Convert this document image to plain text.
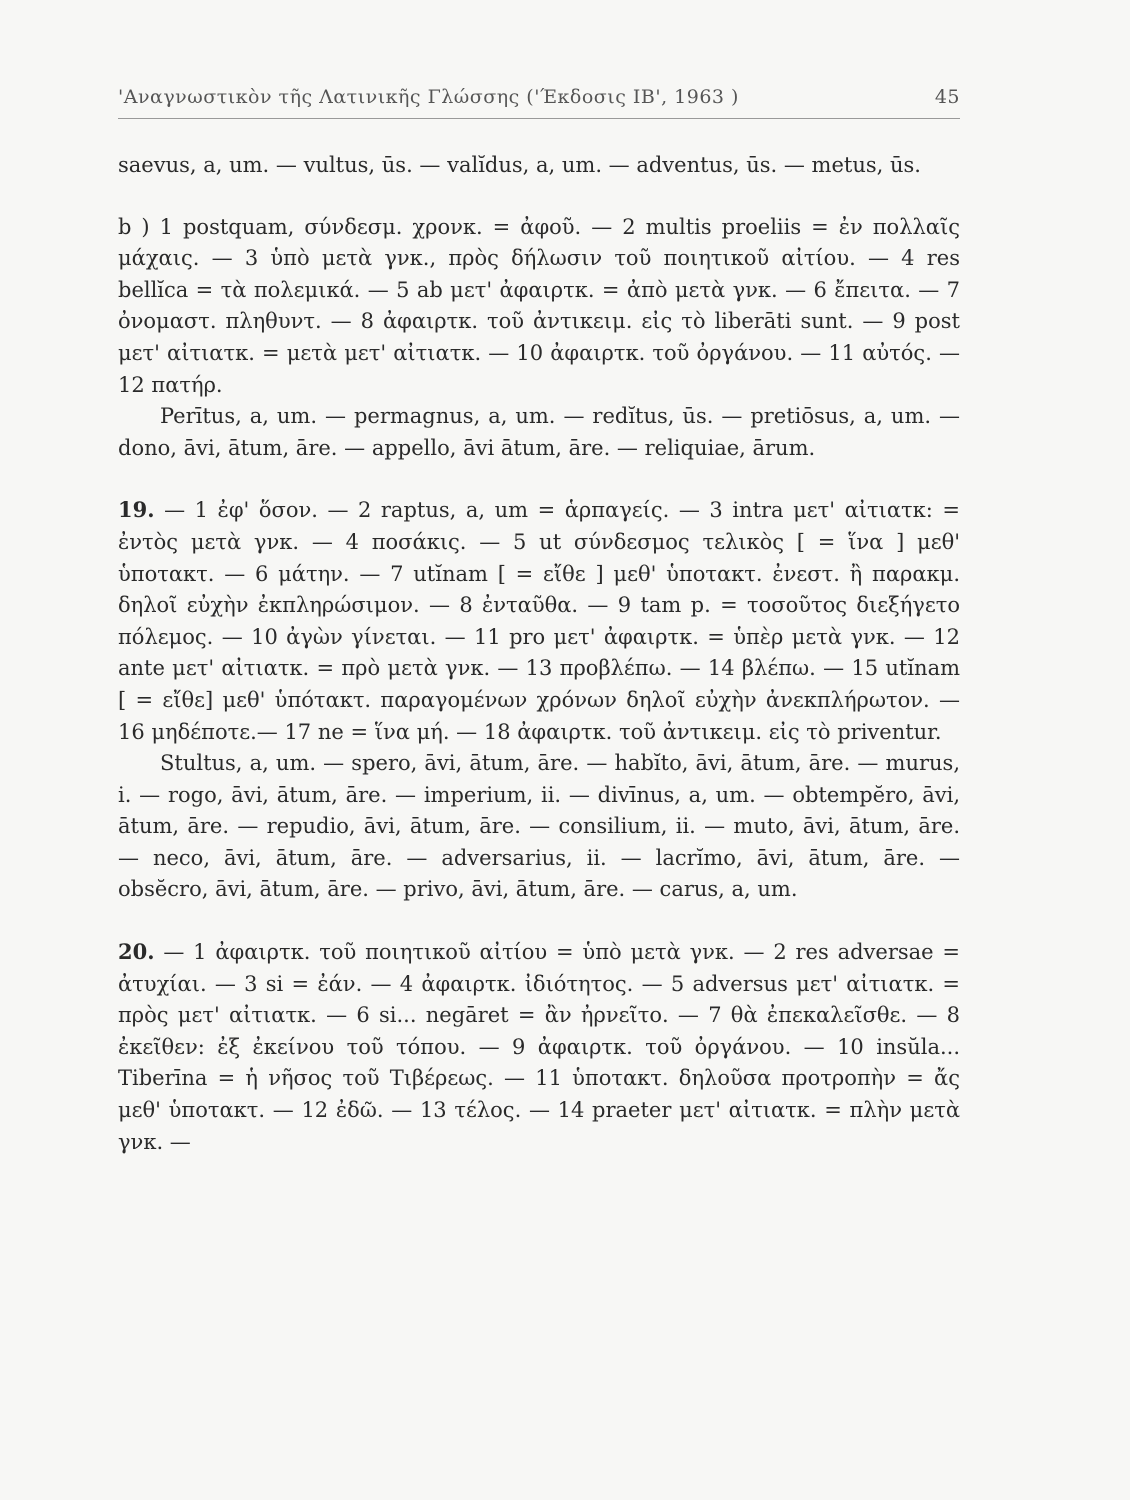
'Αναγνωστικὸν τῆς Λατινικῆς Γλώσσης ('Έκδοσις ΙΒ', 1963 )	45

saevus, a, um. — vultus, ūs. — valĭdus, a, um. — adventus, ūs. — metus, ūs.

b ) 1 postquam, σύνδεσμ. χρονκ. = ἀφοῦ. — 2 multis proeliis = ἐν πολλαῖς μάχαις. — 3 ὑπὸ μετὰ γνκ., πρὸς δήλωσιν τοῦ ποιητικοῦ αἰτίου. — 4 res bellĭca = τὰ πολεμικά. — 5 ab μετ' ἀφαιρτκ. = ἀπὸ μετὰ γνκ. — 6 ἔπειτα. — 7 ὀνομαστ. πληθυντ. — 8 ἀφαιρτκ. τοῦ ἀντικειμ. εἰς τὸ liberāti sunt. — 9 post μετ' αἰτιατκ. = μετὰ μετ' αἰτιατκ. — 10 ἀφαιρτκ. τοῦ ὀργάνου. — 11 αὐτός. — 12 πατήρ.

Perītus, a, um. — permagnus, a, um. — redĭtus, ūs. — pretiōsus, a, um. — dono, āvi, ātum, āre. — appello, āvi ātum, āre. — reliquiae, ārum.

19. — 1 ἐφ' ὅσον. — 2 raptus, a, um = ἁρπαγείς. — 3 intra μετ' αἰτιατκ: = ἐντὸς μετὰ γνκ. — 4 ποσάκις. — 5 ut σύνδεσμος τελικὸς [ = ἵνα ] μεθ' ὑποτακτ. — 6 μάτην. — 7 utĭnam [ = εἴθε ] μεθ' ὑποτακτ. ἐνεστ. ἢ παρακμ. δηλοῖ εὐχὴν ἐκπληρώσιμον. — 8 ἐνταῦθα. — 9 tam p. = τοσοῦτος διεξήγετο πόλεμος. — 10 ἀγὼν γίνεται. — 11 pro μετ' ἀφαιρτκ. = ὑπὲρ μετὰ γνκ. — 12 ante μετ' αἰτιατκ. = πρὸ μετὰ γνκ. — 13 προβλέπω. — 14 βλέπω. — 15 utĭnam [ = εἴθε] μεθ' ὑπότακτ. παραγομένων χρόνων δηλοῖ εὐχὴν ἀνεκπλήρωτον. — 16 μηδέποτε.— 17 ne = ἵνα μή. — 18 ἀφαιρτκ. τοῦ ἀντικειμ. εἰς τὸ priventur.

Stultus, a, um. — spero, āvi, ātum, āre. — habĭto, āvi, ātum, āre. — murus, i. — rogo, āvi, ātum, āre. — imperium, ii. — divīnus, a, um. — obtempĕro, āvi, ātum, āre. — repudio, āvi, ātum, āre. — consilium, ii. — muto, āvi, ātum, āre. — neco, āvi, ātum, āre. — adversarius, ii. — lacrĭmo, āvi, ātum, āre. — obsĕcro, āvi, ātum, āre. — privo, āvi, ātum, āre. — carus, a, um.

20. — 1 ἀφαιρτκ. τοῦ ποιητικοῦ αἰτίου = ὑπὸ μετὰ γνκ. — 2 res adversae = ἀτυχίαι. — 3 si = ἐάν. — 4 ἀφαιρτκ. ἰδιότητος. — 5 adversus μετ' αἰτιατκ. = πρὸς μετ' αἰτιατκ. — 6 si... negāret = ἂν ἠρνεῖτο. — 7 θὰ ἐπεκαλεῖσθε. — 8 ἐκεῖθεν: ἐξ ἐκείνου τοῦ τόπου. — 9 ἀφαιρτκ. τοῦ ὀργάνου. — 10 insŭla... Tiberīna = ἡ νῆσος τοῦ Τιβέρεως. — 11 ὑποτακτ. δηλοῦσα προτροπὴν = ἄς μεθ' ὑποτακτ. — 12 ἐδῶ. — 13 τέλος. — 14 praeter μετ' αἰτιατκ. = πλὴν μετὰ γνκ. —
